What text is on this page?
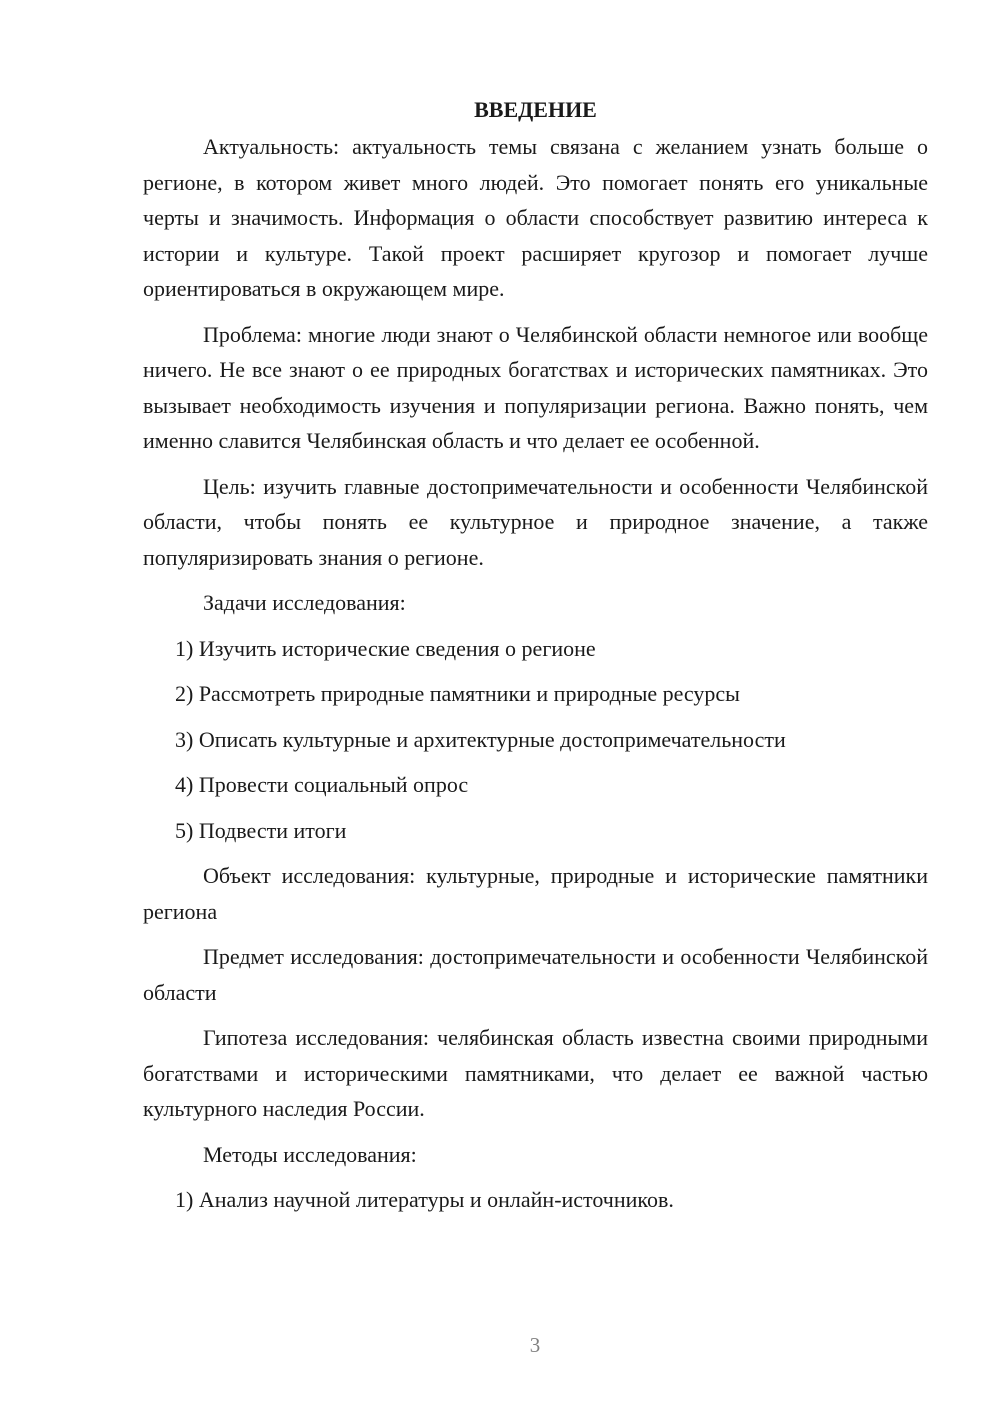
ВВЕДЕНИЕ

Актуальность: актуальность темы связана с желанием узнать больше о регионе, в котором живет много людей. Это помогает понять его уникальные черты и значимость. Информация о области способствует развитию интереса к истории и культуре. Такой проект расширяет кругозор и помогает лучше ориентироваться в окружающем мире.

Проблема: многие люди знают о Челябинской области немногое или вообще ничего. Не все знают о ее природных богатствах и исторических памятниках. Это вызывает необходимость изучения и популяризации региона. Важно понять, чем именно славится Челябинская область и что делает ее особенной.

Цель: изучить главные достопримечательности и особенности Челябинской области, чтобы понять ее культурное и природное значение, а также популяризировать знания о регионе.

Задачи исследования:

1) Изучить исторические сведения о регионе

2) Рассмотреть природные памятники и природные ресурсы

3) Описать культурные и архитектурные достопримечательности

4) Провести социальный опрос

5) Подвести итоги

Объект исследования: культурные, природные и исторические памятники региона

Предмет исследования: достопримечательности и особенности Челябинской области

Гипотеза исследования: челябинская область известна своими природными богатствами и историческими памятниками, что делает ее важной частью культурного наследия России.

Методы исследования:

1) Анализ научной литературы и онлайн-источников.

3
